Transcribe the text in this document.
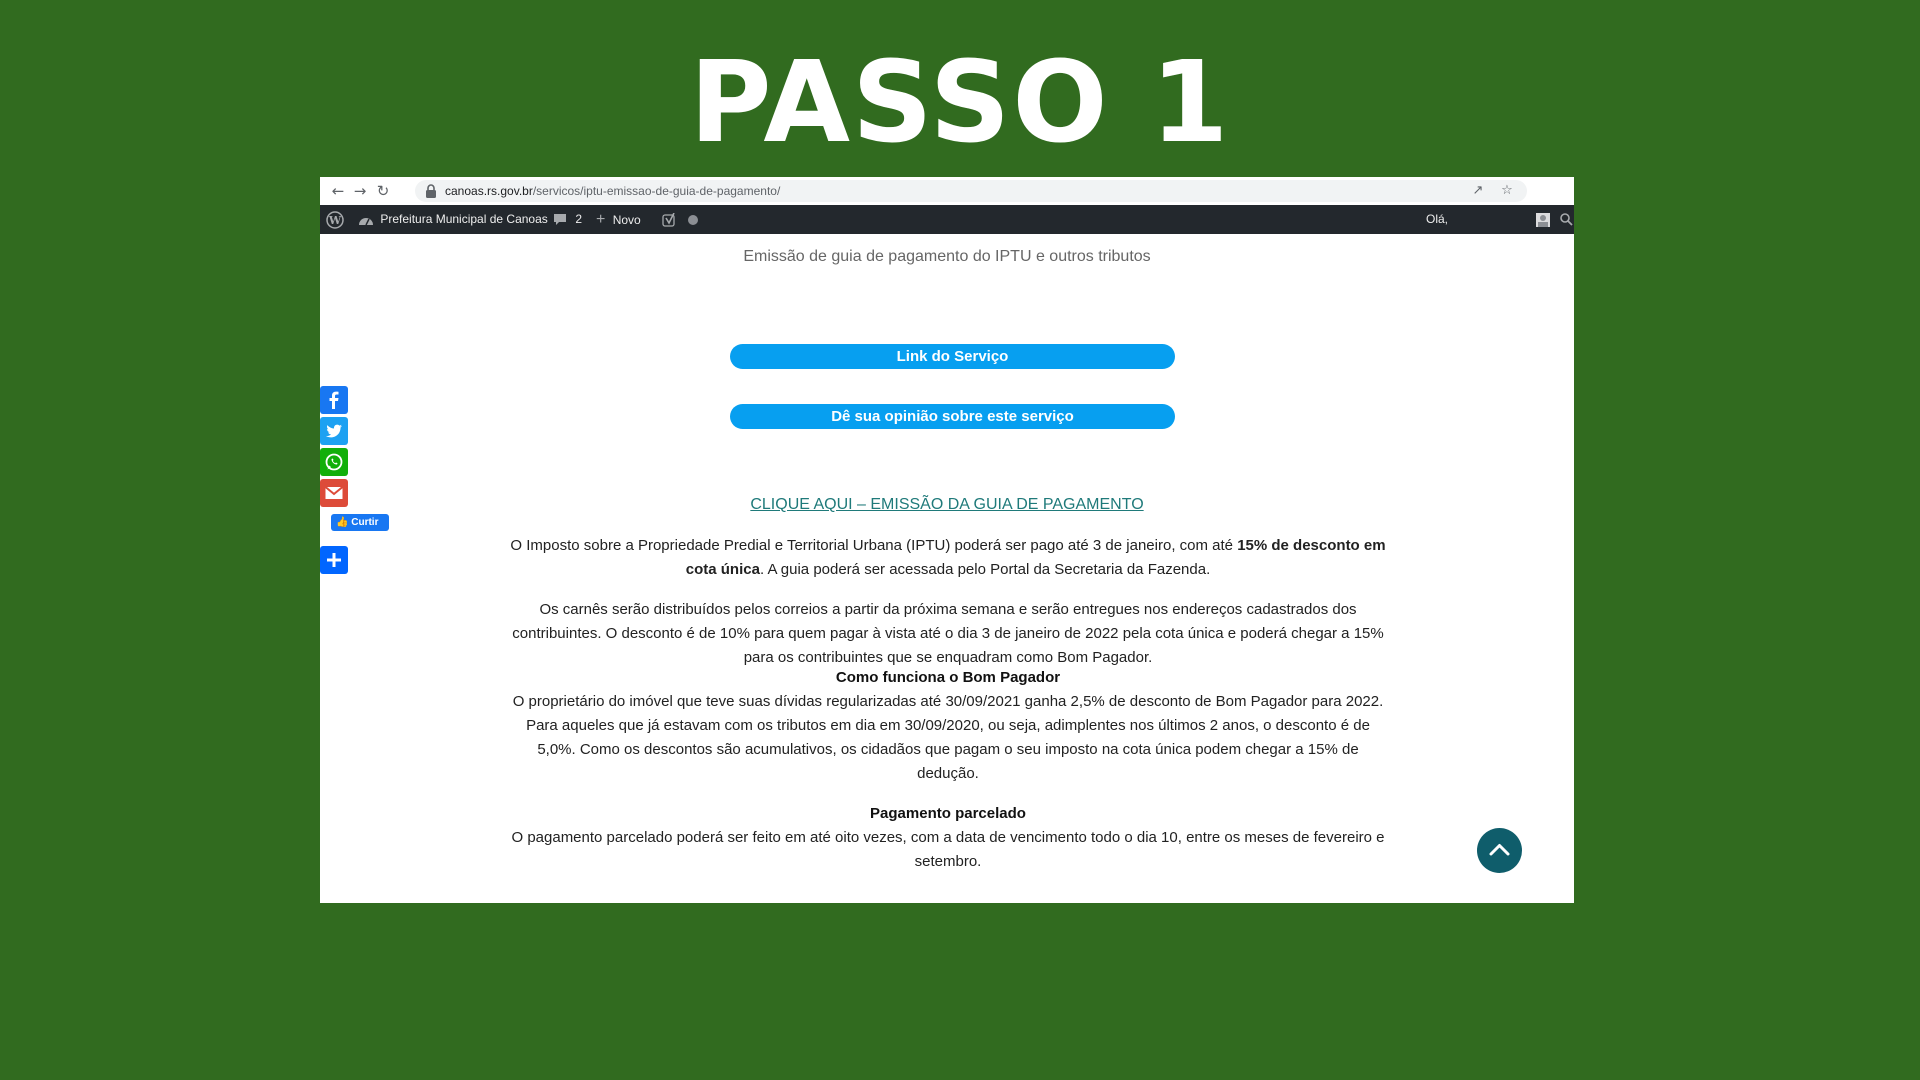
PASSO 1
← → ↻	canoas.rs.gov.br/servicos/iptu-emissao-de-guia-de-pagamento/	↗ ☆
W	Prefeitura Municipal de Canoas	2 + Novo	Olá,
Emissão de guia de pagamento do IPTU e outros tributos
Link do Serviço
Dê sua opinião sobre este serviço
👍 Curtir
CLIQUE AQUI – EMISSÃO DA GUIA DE PAGAMENTO

O Imposto sobre a Propriedade Predial e Territorial Urbana (IPTU) poderá ser pago até 3 de janeiro, com até 15% de desconto em cota única. A guia poderá ser acessada pelo Portal da Secretaria da Fazenda.

Os carnês serão distribuídos pelos correios a partir da próxima semana e serão entregues nos endereços cadastrados dos contribuintes. O desconto é de 10% para quem pagar à vista até o dia 3 de janeiro de 2022 pela cota única e poderá chegar a 15% para os contribuintes que se enquadram como Bom Pagador.

Como funciona o Bom Pagador

O proprietário do imóvel que teve suas dívidas regularizadas até 30/09/2021 ganha 2,5% de desconto de Bom Pagador para 2022. Para aqueles que já estavam com os tributos em dia em 30/09/2020, ou seja, adimplentes nos últimos 2 anos, o desconto é de 5,0%. Como os descontos são acumulativos, os cidadãos que pagam o seu imposto na cota única podem chegar a 15% de dedução.

Pagamento parcelado

O pagamento parcelado poderá ser feito em até oito vezes, com a data de vencimento todo o dia 10, entre os meses de fevereiro e setembro.
